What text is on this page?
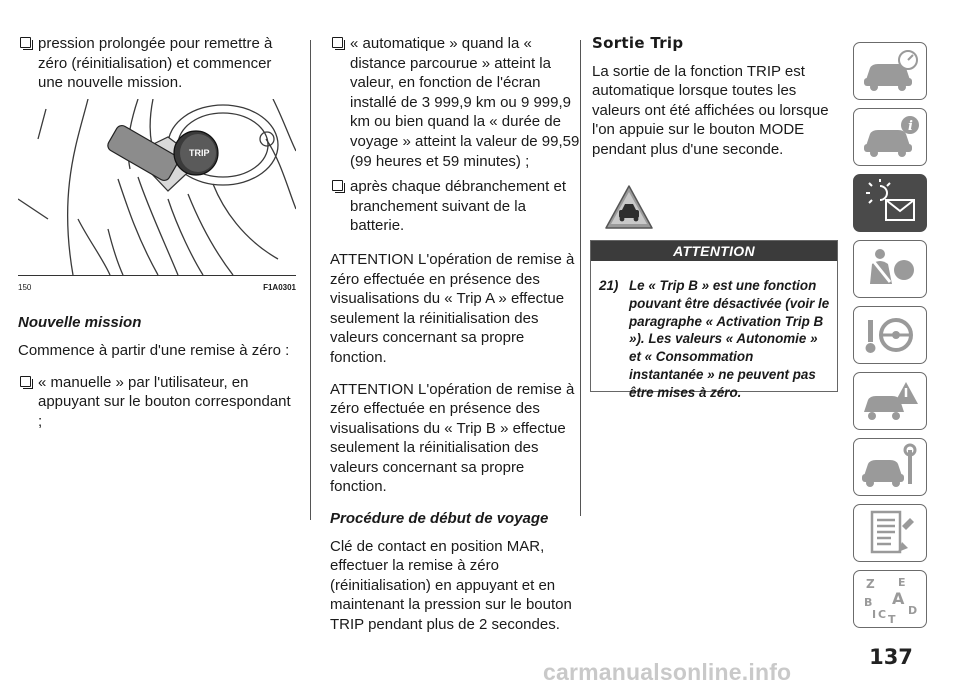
pression prolongée pour remettre à zéro (réinitialisation) et commencer une nouvelle mission.
TRIP
150	F1A0301
Nouvelle mission

Commence à partir d'une remise à zéro :

« manuelle » par l'utilisateur, en appuyant sur le bouton correspondant ;
« automatique » quand la « distance parcourue » atteint la valeur, en fonction de l'écran installé de 3 999,9 km ou 9 999,9 km ou bien quand la « durée de voyage » atteint la valeur de 99,59 (99 heures et 59 minutes) ;
après chaque débranchement et branchement suivant de la batterie.

ATTENTION L'opération de remise à zéro effectuée en présence des visualisations du « Trip A » effectue seulement la réinitialisation des valeurs concernant sa propre fonction.

ATTENTION L'opération de remise à zéro effectuée en présence des visualisations du « Trip B » effectue seulement la réinitialisation des valeurs concernant sa propre fonction.

Procédure de début de voyage

Clé de contact en position MAR, effectuer la remise à zéro (réinitialisation) en appuyant et en maintenant la pression sur le bouton TRIP pendant plus de 2 secondes.

Sortie Trip

La sortie de la fonction TRIP est automatique lorsque toutes les valeurs ont été affichées ou lorsque l'on appuie sur le bouton MODE pendant plus d'une seconde.

ATTENTION
21) Le « Trip B » est une fonction pouvant être désactivée (voir le paragraphe « Activation Trip B »). Les valeurs « Autonomie » et « Consommation instantanée » ne peuvent pas être mises à zéro.
i
Z E
A
B
D
I C T
137
carmanualsonline.info
